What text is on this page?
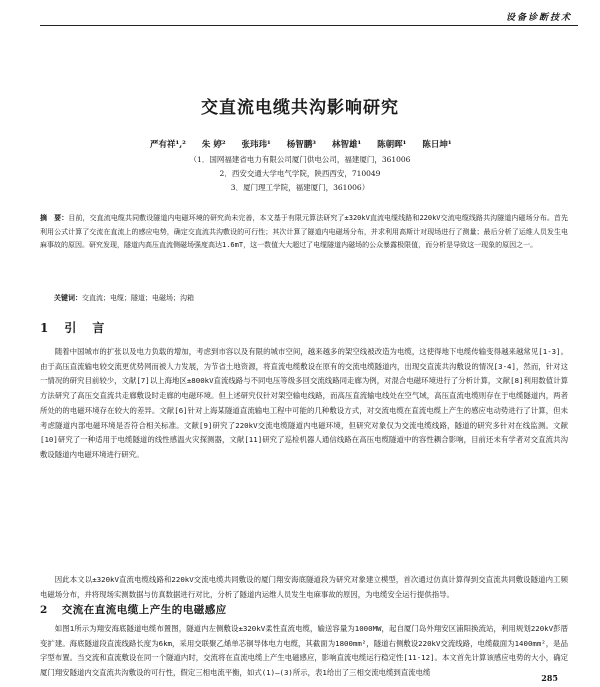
设备诊断技术
交直流电缆共沟影响研究
严有祥¹,² 朱 婷² 张玮玮¹ 杨智鹏³ 林智雄¹ 陈朝晖¹ 陈日坤¹
（1．国网福建省电力有限公司厦门供电公司，福建厦门，361006
2．西安交通大学电气学院，陕西西安，710049
3．厦门理工学院，福建厦门，361006）
摘　要：目前，交直流电缆共同敷设隧道内电磁环境的研究尚未完善，本文基于有限元算法研究了±320kV直流电缆线路和220kV交流电缆线路共沟隧道内磁场分布。首先利用公式计算了交流在直流上的感应电势，确定交直流共沟敷设的可行性；其次计算了隧道内电磁场分布，并求利用高斯计对现场进行了测量；最后分析了运维人员发生电麻事故的原因。研究发现，隧道内高压直流侧磁场强度高达1.6mT，这一数值大大超过了电缆隧道内磁场的公众暴露极限值，而分析是导致这一现象的原因之一。
关键词：交直流；电缆；隧道；电磁场；沟箱
1 引　言
随着中国城市的扩张以及电力负载的增加，考虑到市容以及有限的城市空间，越来越多的架空线被改造为电缆，这使得地下电缆传输变得越来越常见[1-3]。由于高压直流输电较交流更优势网而被人力发展，为节省土地资源，将直流电缆敷设在原有的交流电缆隧道内，出现交直流共沟敷设的情况[3-4]，然而，针对这一情况的研究目前较少，文献[7]以上海地区±800kV直流线路与不同电压等级多回交流线路同走廊为例，对混合电磁环境进行了分析计算，文献[8]利用数值计算方法研究了高压交直流共走廊敷设时走廊的电磁环境。但上述研究仅针对架空输电线路，而高压直流输电线处在空气域，高压直流电缆则存在于电缆隧道内，两者所处的的电磁环境存在较大的差异。文献[6]针对上海某隧道直流输电工程中可能的几种敷设方式，对交流电缆在直流电缆上产生的感应电动势进行了计算，但未考虑隧道内部电磁环境是否符合相关标准。文献[9]研究了220kV交流电缆隧道内电磁环境，但研究对象仅为交流电缆线路，隧道的研究多针对在线监测。文献[10]研究了一种适用于电缆隧道的线性感温火灾探测器，文献[11]研究了巡检机器人通信线路在高压电缆隧道中的容性耦合影响，目前还未有学者对交直流共沟敷设隧道内电磁环境进行研究。
因此本文以±320kV直流电缆线路和220kV交流电缆共同敷设的厦门翔安海底隧道段为研究对象建立模型，首次通过仿真计算得到交直流共同敷设隧道内工频电磁场分布，并将现场实测数据与仿真数据进行对比，分析了隧道内运维人员发生电麻事故的原因，为电缆安全运行提供指导。
2 交流在直流电缆上产生的电磁感应
如图1所示为翔安海底隧道电缆布置图，隧道内左侧敷设±320kV柔性直流电缆，输送容量为1000MW，起自厦门岛外翔安区浦阳换流站，利用规划220kV彭厝变扩建。海底隧道段直流线路长度为6km，采用交联聚乙烯单芯铜导体电力电缆，其截面为1800mm²，隧道右侧敷设220kV交流线路，电缆截面为1400mm²，是品字型布置。当交流和直流敷设在同一个隧道内时，交流将在直流电缆上产生电磁感应，影响直流电缆运行稳定性[11-12]。本文首先计算该感应电势的大小，确定厦门翔安隧道内交直流共沟敷设的可行性，假定三相电流平衡，如式(1)—(3)所示，表1给出了三相交流电缆到直流电缆
285
